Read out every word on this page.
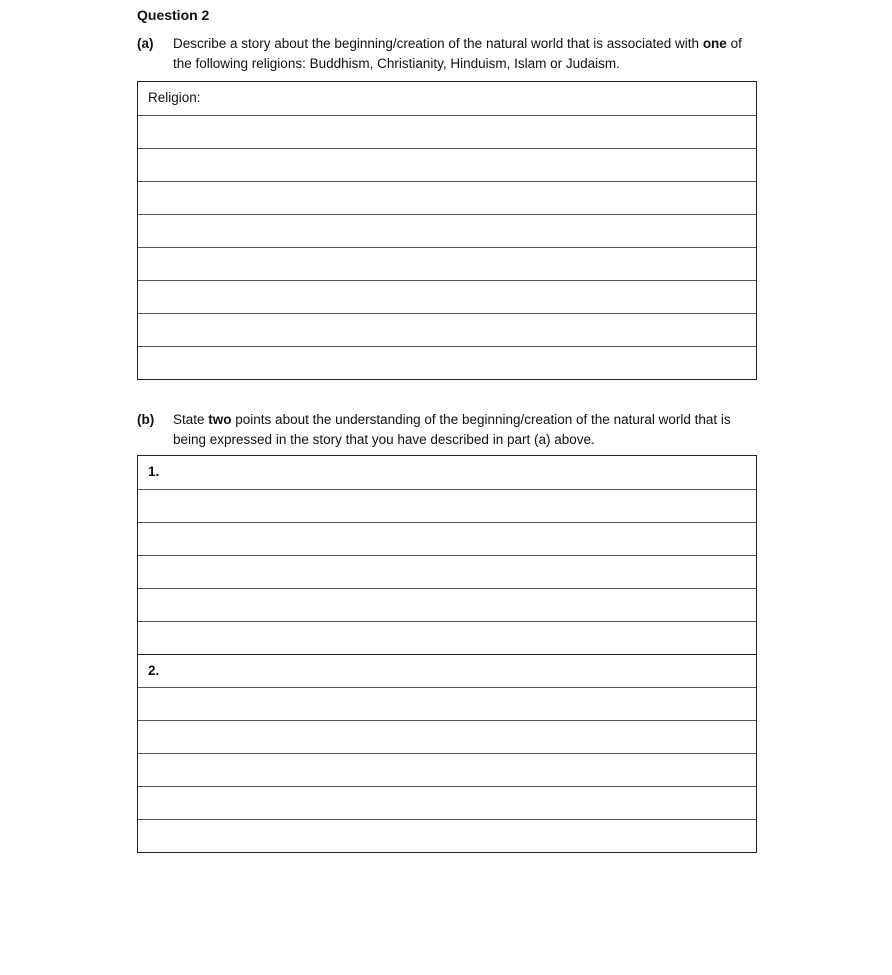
Question 2
(a) Describe a story about the beginning/creation of the natural world that is associated with one of the following religions: Buddhism, Christianity, Hinduism, Islam or Judaism.
Religion:
(b) State two points about the understanding of the beginning/creation of the natural world that is being expressed in the story that you have described in part (a) above.
1.
2.
